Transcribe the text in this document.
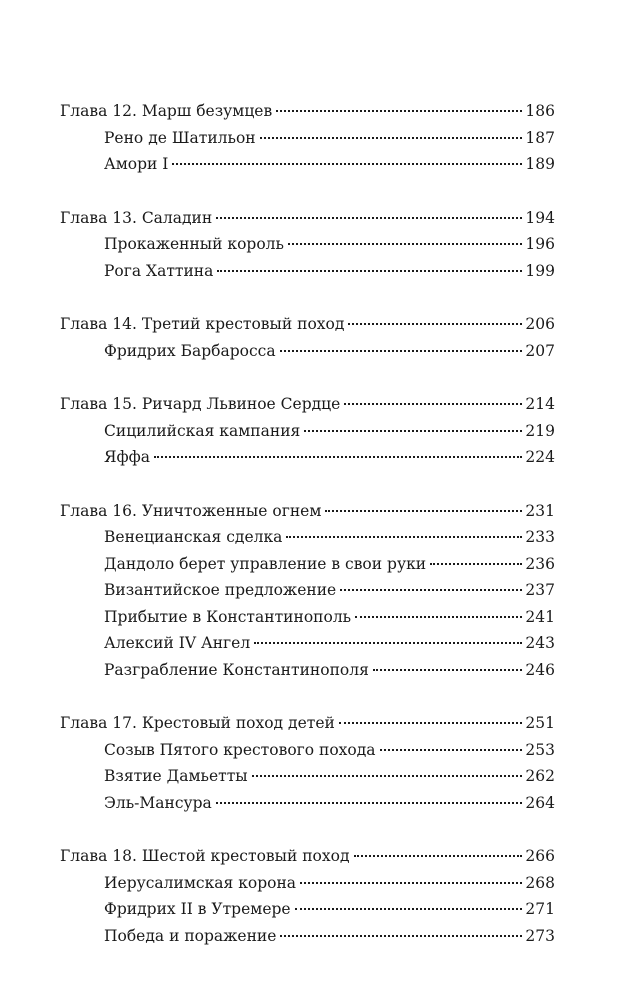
Глава 12. Марш безумцев	186
Рено де Шатильон	187
Амори I	189
Глава 13. Саладин	194
Прокаженный король	196
Рога Хаттина	199
Глава 14. Третий крестовый поход	206
Фридрих Барбаросса	207
Глава 15. Ричард Львиное Сердце	214
Сицилийская кампания	219
Яффа	224
Глава 16. Уничтоженные огнем	231
Венецианская сделка	233
Дандоло берет управление в свои руки	236
Византийское предложение	237
Прибытие в Константинополь	241
Алексий IV Ангел	243
Разграбление Константинополя	246
Глава 17. Крестовый поход детей	251
Созыв Пятого крестового похода	253
Взятие Дамьетты	262
Эль-Мансура	264
Глава 18. Шестой крестовый поход	266
Иерусалимская корона	268
Фридрих II в Утремере	271
Победа и поражение	273
